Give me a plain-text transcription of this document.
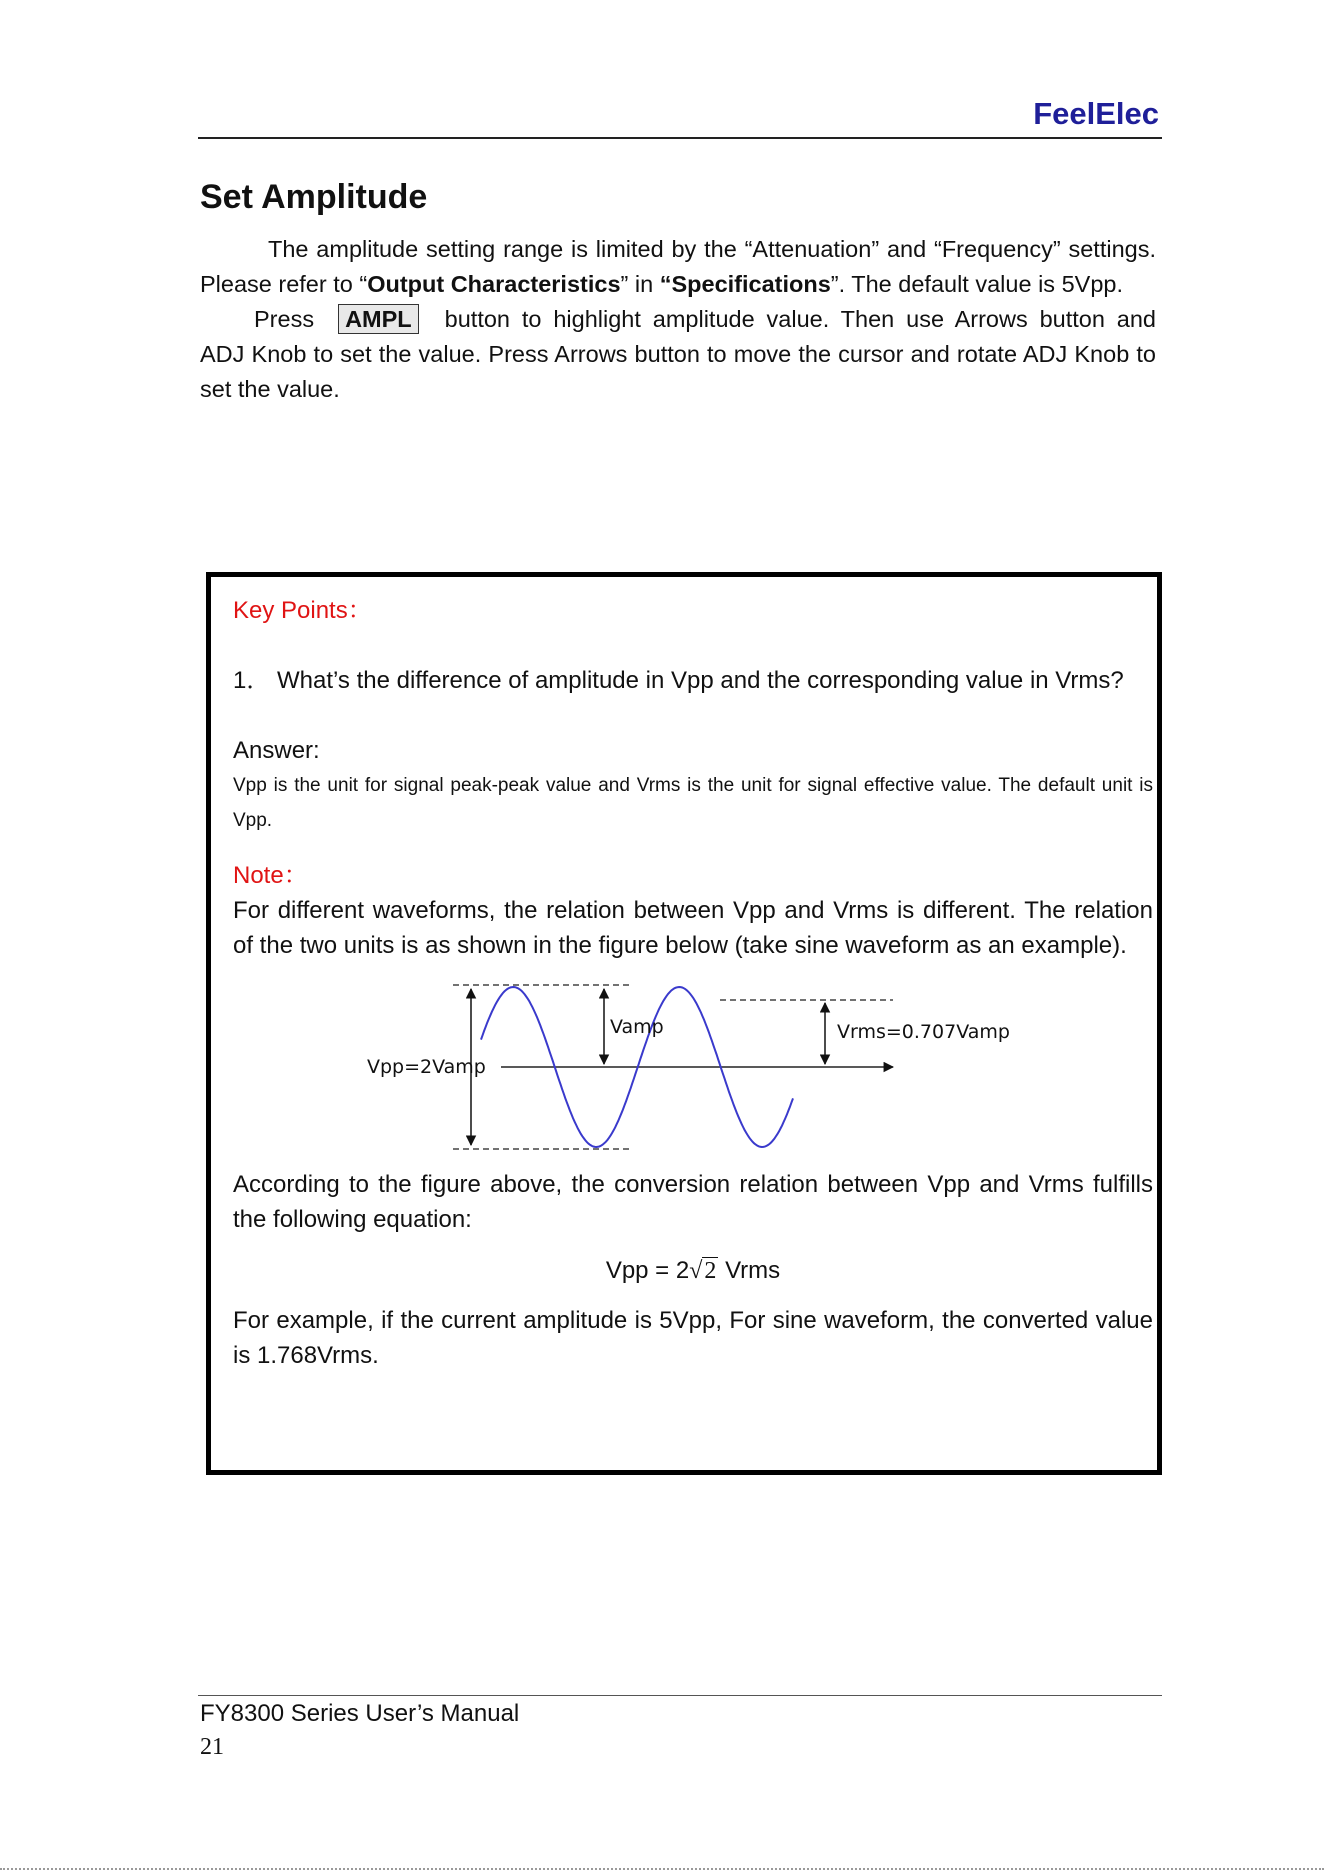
FeelElec
Set Amplitude

The amplitude setting range is limited by the “Attenuation” and “Frequency” settings. Please refer to “Output Characteristics” in “Specifications”. The default value is 5Vpp.

Press AMPL button to highlight amplitude value. Then use Arrows button and ADJ Knob to set the value. Press Arrows button to move the cursor and rotate ADJ Knob to set the value.

Key Points：

1． What’s the difference of amplitude in Vpp and the corresponding value in Vrms?

Answer:

Vpp is the unit for signal peak-peak value and Vrms is the unit for signal effective value. The default unit is Vpp.

Note：

For different waveforms, the relation between Vpp and Vrms is different. The relation of the two units is as shown in the figure below (take sine waveform as an example).

Vpp=2Vamp
Vamp	Vrms=0.707Vamp

According to the figure above, the conversion relation between Vpp and Vrms fulfills the following equation:

Vpp = 2√2 Vrms

For example, if the current amplitude is 5Vpp, For sine waveform, the converted value is 1.768Vrms.

FY8300 Series User’s Manual
21
